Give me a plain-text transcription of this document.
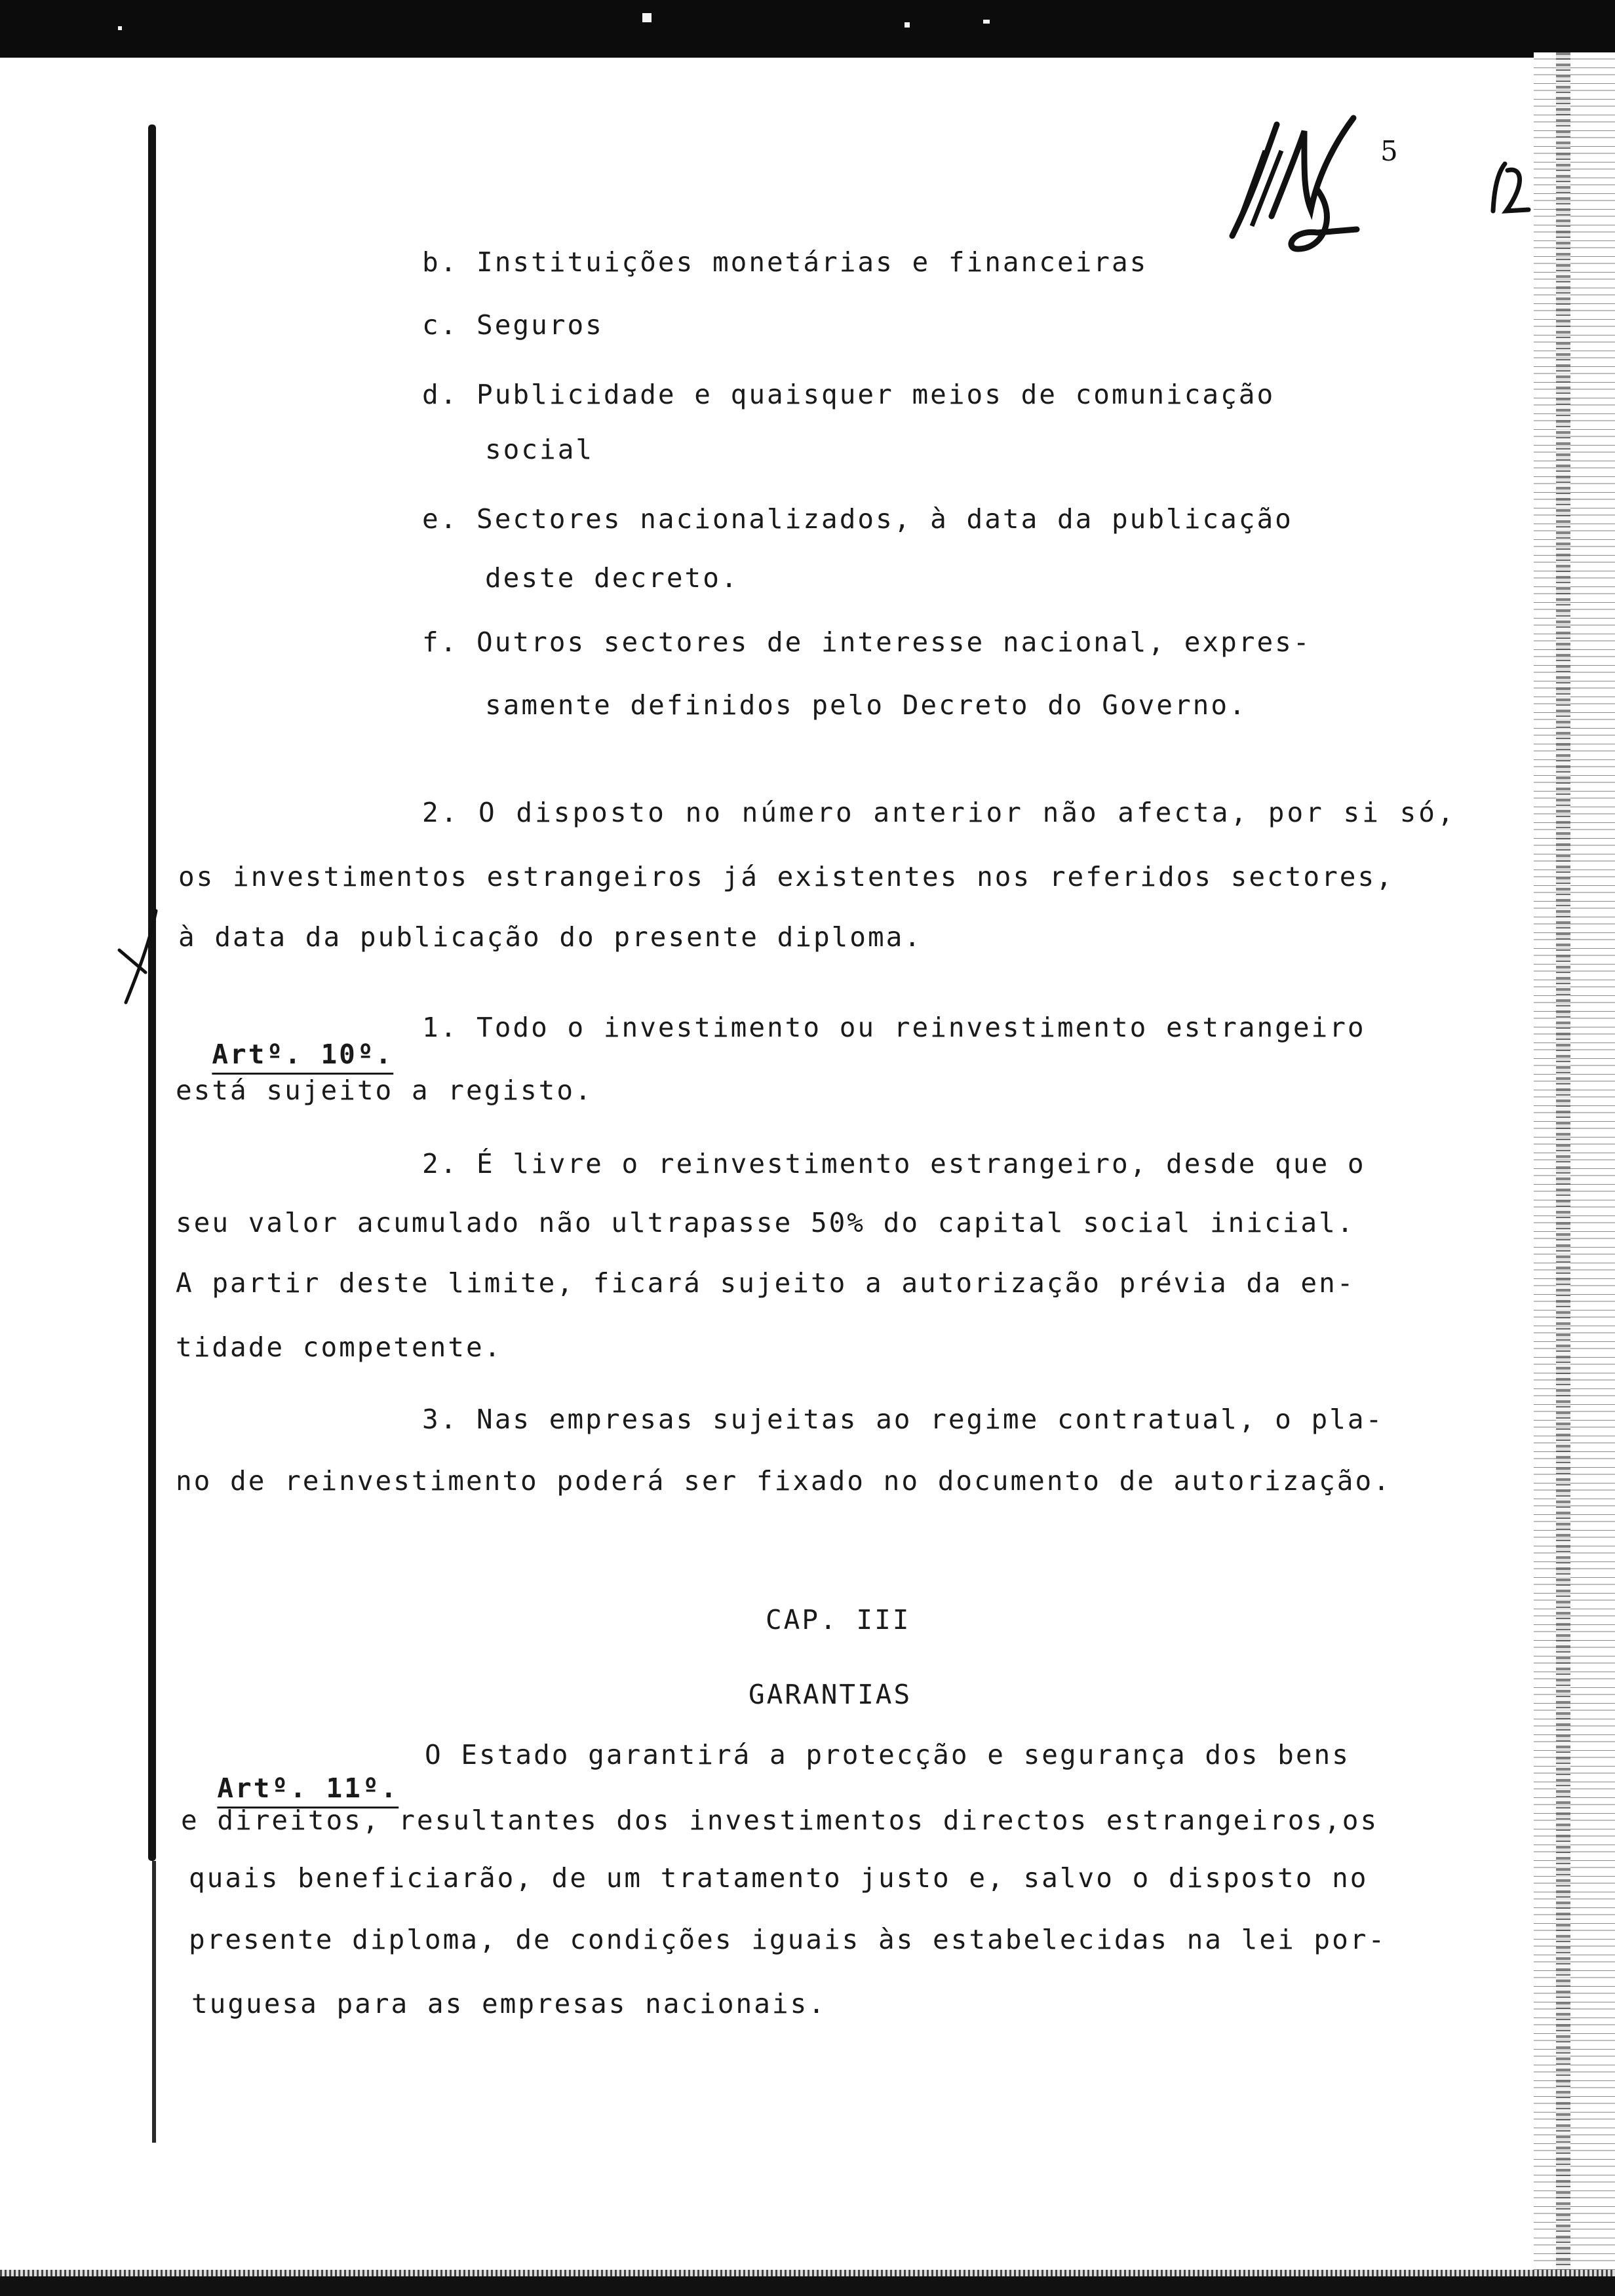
5
b. Instituições monetárias e financeiras
c. Seguros
d. Publicidade e quaisquer meios de comunicação
social
e. Sectores nacionalizados, à data da publicação
deste decreto.
f. Outros sectores de interesse nacional, expres-
samente definidos pelo Decreto do Governo.
2. O disposto no número anterior não afecta, por si só,
os investimentos estrangeiros já existentes nos referidos sectores,
à data da publicação do presente diploma.

Artº. 10º.

1. Todo o investimento ou reinvestimento estrangeiro
está sujeito a registo.
2. É livre o reinvestimento estrangeiro, desde que o
seu valor acumulado não ultrapasse 50% do capital social inicial.
A partir deste limite, ficará sujeito a autorização prévia da en-
tidade competente.
3. Nas empresas sujeitas ao regime contratual, o pla-
no de reinvestimento poderá ser fixado no documento de autorização.
CAP. III
GARANTIAS

Artº. 11º.

O Estado garantirá a protecção e segurança dos bens
e direitos, resultantes dos investimentos directos estrangeiros,os
quais beneficiarão, de um tratamento justo e, salvo o disposto no
presente diploma, de condições iguais às estabelecidas na lei por-
tuguesa para as empresas nacionais.
